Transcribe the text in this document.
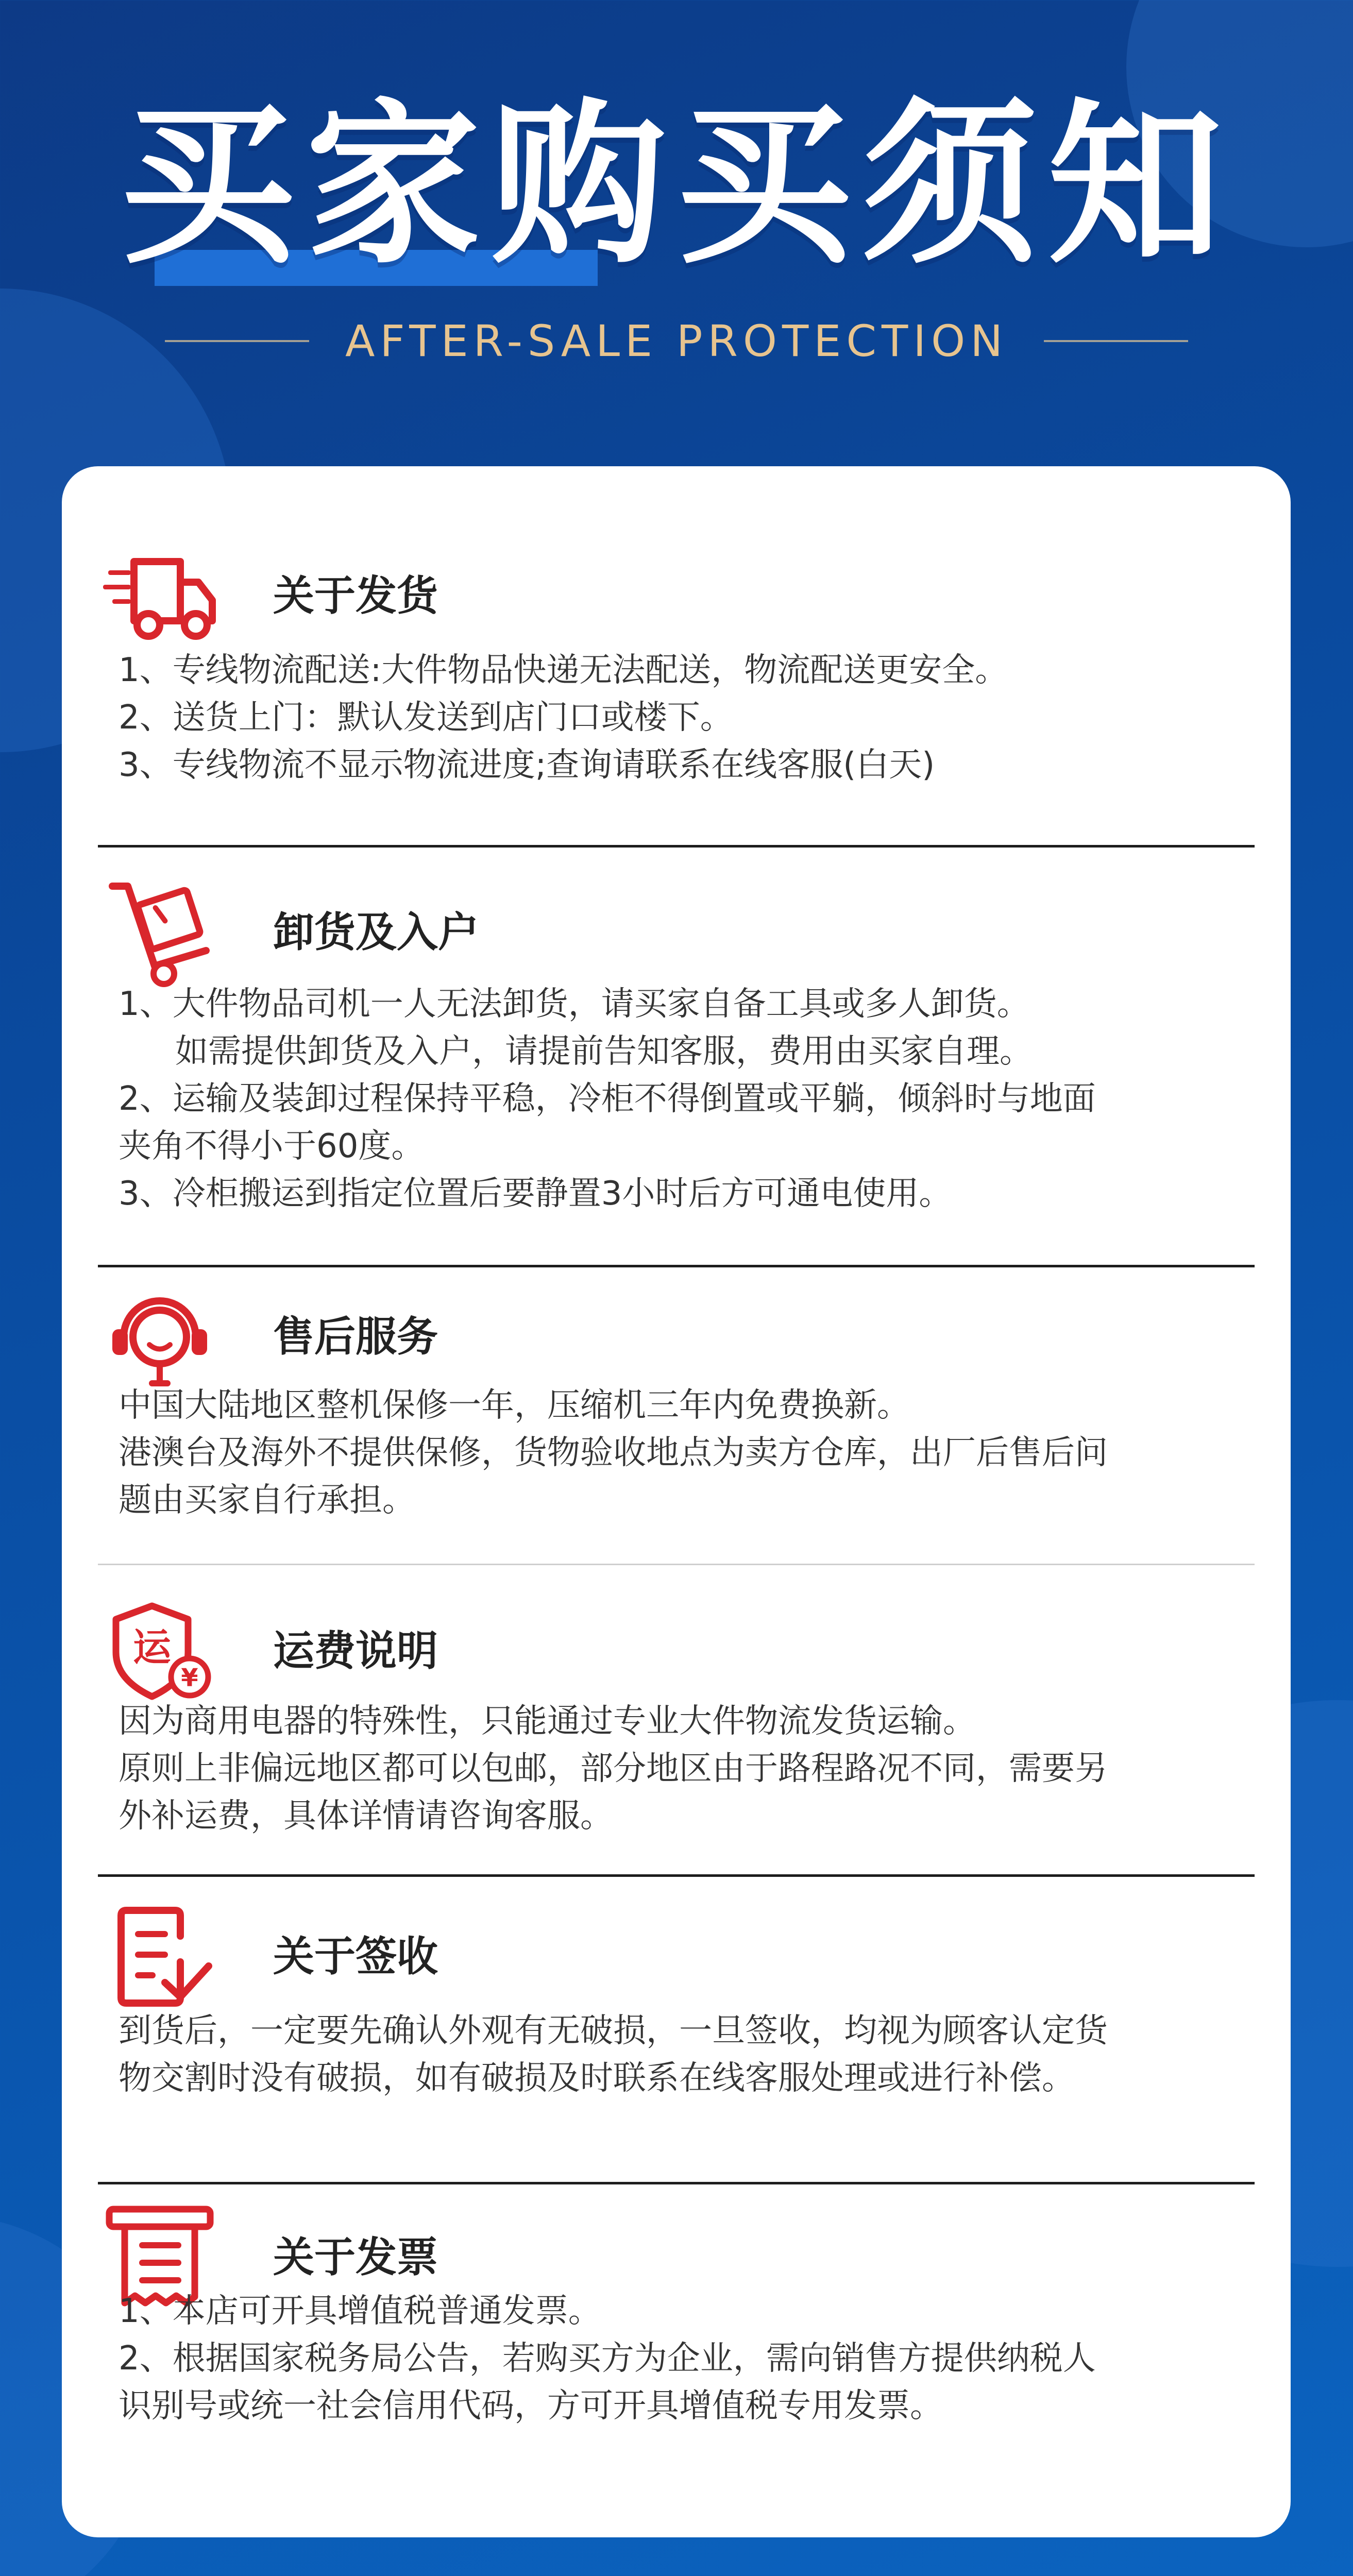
买家购买须知
AFTER-SALE PROTECTION
关于发货
1、专线物流配送:大件物品快递无法配送，物流配送更安全。
2、送货上门：默认发送到店门口或楼下。
3、专线物流不显示物流进度;查询请联系在线客服(白天)
卸货及入户
1、大件物品司机一人无法卸货，请买家自备工具或多人卸货。
如需提供卸货及入户，请提前告知客服，费用由买家自理。
2、运输及装卸过程保持平稳，冷柜不得倒置或平躺，倾斜时与地面
夹角不得小于60度。
3、冷柜搬运到指定位置后要静置3小时后方可通电使用。
售后服务
中国大陆地区整机保修一年，压缩机三年内免费换新。
港澳台及海外不提供保修，货物验收地点为卖方仓库，出厂后售后问
题由买家自行承担。
运
¥
运费说明
因为商用电器的特殊性，只能通过专业大件物流发货运输。
原则上非偏远地区都可以包邮，部分地区由于路程路况不同，需要另
外补运费，具体详情请咨询客服。
关于签收
到货后，一定要先确认外观有无破损，一旦签收，均视为顾客认定货
物交割时没有破损，如有破损及时联系在线客服处理或进行补偿。
关于发票
1、本店可开具增值税普通发票。
2、根据国家税务局公告，若购买方为企业，需向销售方提供纳税人
识别号或统一社会信用代码，方可开具增值税专用发票。
